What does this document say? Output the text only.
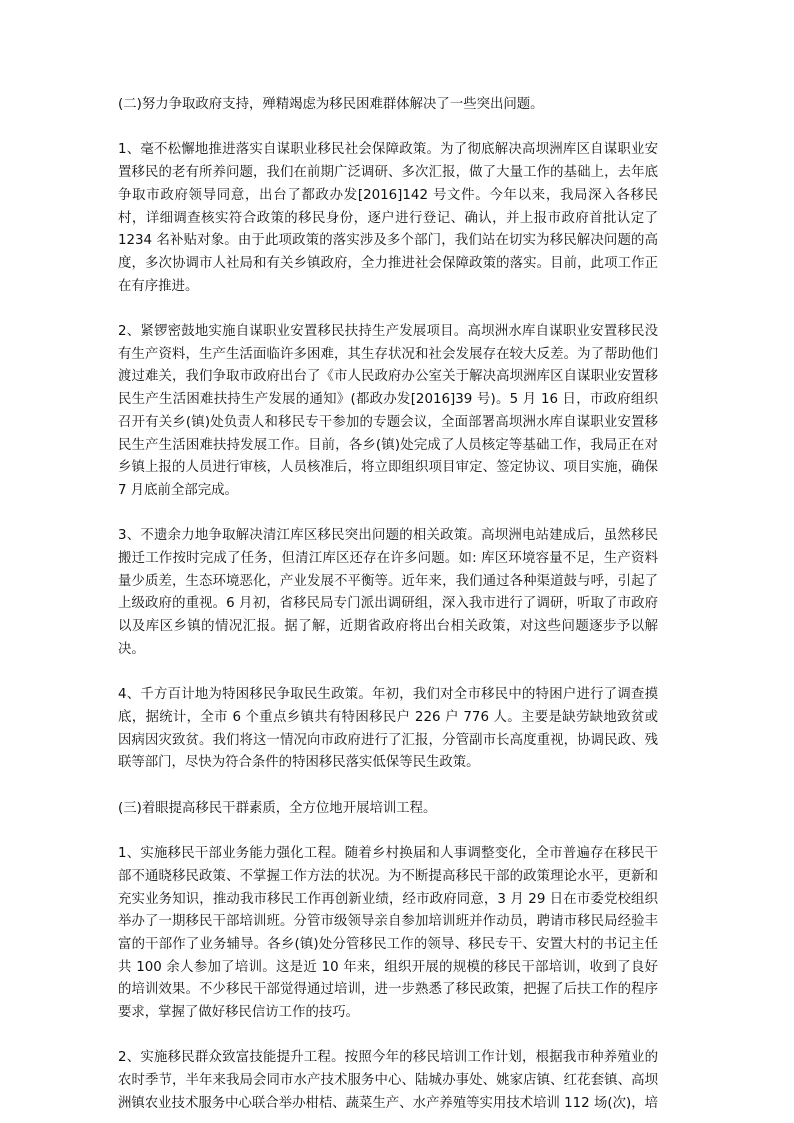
(二)努力争取政府支持，殚精竭虑为移民困难群体解决了一些突出问题。

1、毫不松懈地推进落实自谋职业移民社会保障政策。为了彻底解决高坝洲库区自谋职业安置移民的老有所养问题，我们在前期广泛调研、多次汇报，做了大量工作的基础上，去年底争取市政府领导同意，出台了都政办发[2016]142 号文件。今年以来，我局深入各移民村，详细调查核实符合政策的移民身份，逐户进行登记、确认，并上报市政府首批认定了 1234 名补贴对象。由于此项政策的落实涉及多个部门，我们站在切实为移民解决问题的高度，多次协调市人社局和有关乡镇政府，全力推进社会保障政策的落实。目前，此项工作正在有序推进。

2、紧锣密鼓地实施自谋职业安置移民扶持生产发展项目。高坝洲水库自谋职业安置移民没有生产资料，生产生活面临许多困难，其生存状况和社会发展存在较大反差。为了帮助他们渡过难关，我们争取市政府出台了《市人民政府办公室关于解决高坝洲库区自谋职业安置移民生产生活困难扶持生产发展的通知》(都政办发[2016]39 号)。5 月 16 日，市政府组织召开有关乡(镇)处负责人和移民专干参加的专题会议，全面部署高坝洲水库自谋职业安置移民生产生活困难扶持发展工作。目前，各乡(镇)处完成了人员核定等基础工作，我局正在对乡镇上报的人员进行审核，人员核准后，将立即组织项目审定、签定协议、项目实施，确保 7 月底前全部完成。

3、不遗余力地争取解决清江库区移民突出问题的相关政策。高坝洲电站建成后，虽然移民搬迁工作按时完成了任务，但清江库区还存在许多问题。如: 库区环境容量不足，生产资料量少质差，生态环境恶化，产业发展不平衡等。近年来，我们通过各种渠道鼓与呼，引起了上级政府的重视。6 月初，省移民局专门派出调研组，深入我市进行了调研，听取了市政府以及库区乡镇的情况汇报。据了解，近期省政府将出台相关政策，对这些问题逐步予以解决。

4、千方百计地为特困移民争取民生政策。年初，我们对全市移民中的特困户进行了调查摸底，据统计，全市 6 个重点乡镇共有特困移民户 226 户 776 人。主要是缺劳缺地致贫或因病因灾致贫。我们将这一情况向市政府进行了汇报，分管副市长高度重视，协调民政、残联等部门，尽快为符合条件的特困移民落实低保等民生政策。

(三)着眼提高移民干群素质，全方位地开展培训工程。

1、实施移民干部业务能力强化工程。随着乡村换届和人事调整变化，全市普遍存在移民干部不通晓移民政策、不掌握工作方法的状况。为不断提高移民干部的政策理论水平，更新和充实业务知识，推动我市移民工作再创新业绩，经市政府同意，3 月 29 日在市委党校组织举办了一期移民干部培训班。分管市级领导亲自参加培训班并作动员，聘请市移民局经验丰富的干部作了业务辅导。各乡(镇)处分管移民工作的领导、移民专干、安置大村的书记主任共 100 余人参加了培训。这是近 10 年来，组织开展的规模的移民干部培训，收到了良好的培训效果。不少移民干部觉得通过培训，进一步熟悉了移民政策，把握了后扶工作的程序要求，掌握了做好移民信访工作的技巧。

2、实施移民群众致富技能提升工程。按照今年的移民培训工作计划，根据我市种养殖业的农时季节，半年来我局会同市水产技术服务中心、陆城办事处、姚家店镇、红花套镇、高坝洲镇农业技术服务中心联合举办柑桔、蔬菜生产、水产养殖等实用技术培训 112 场(次)，培
